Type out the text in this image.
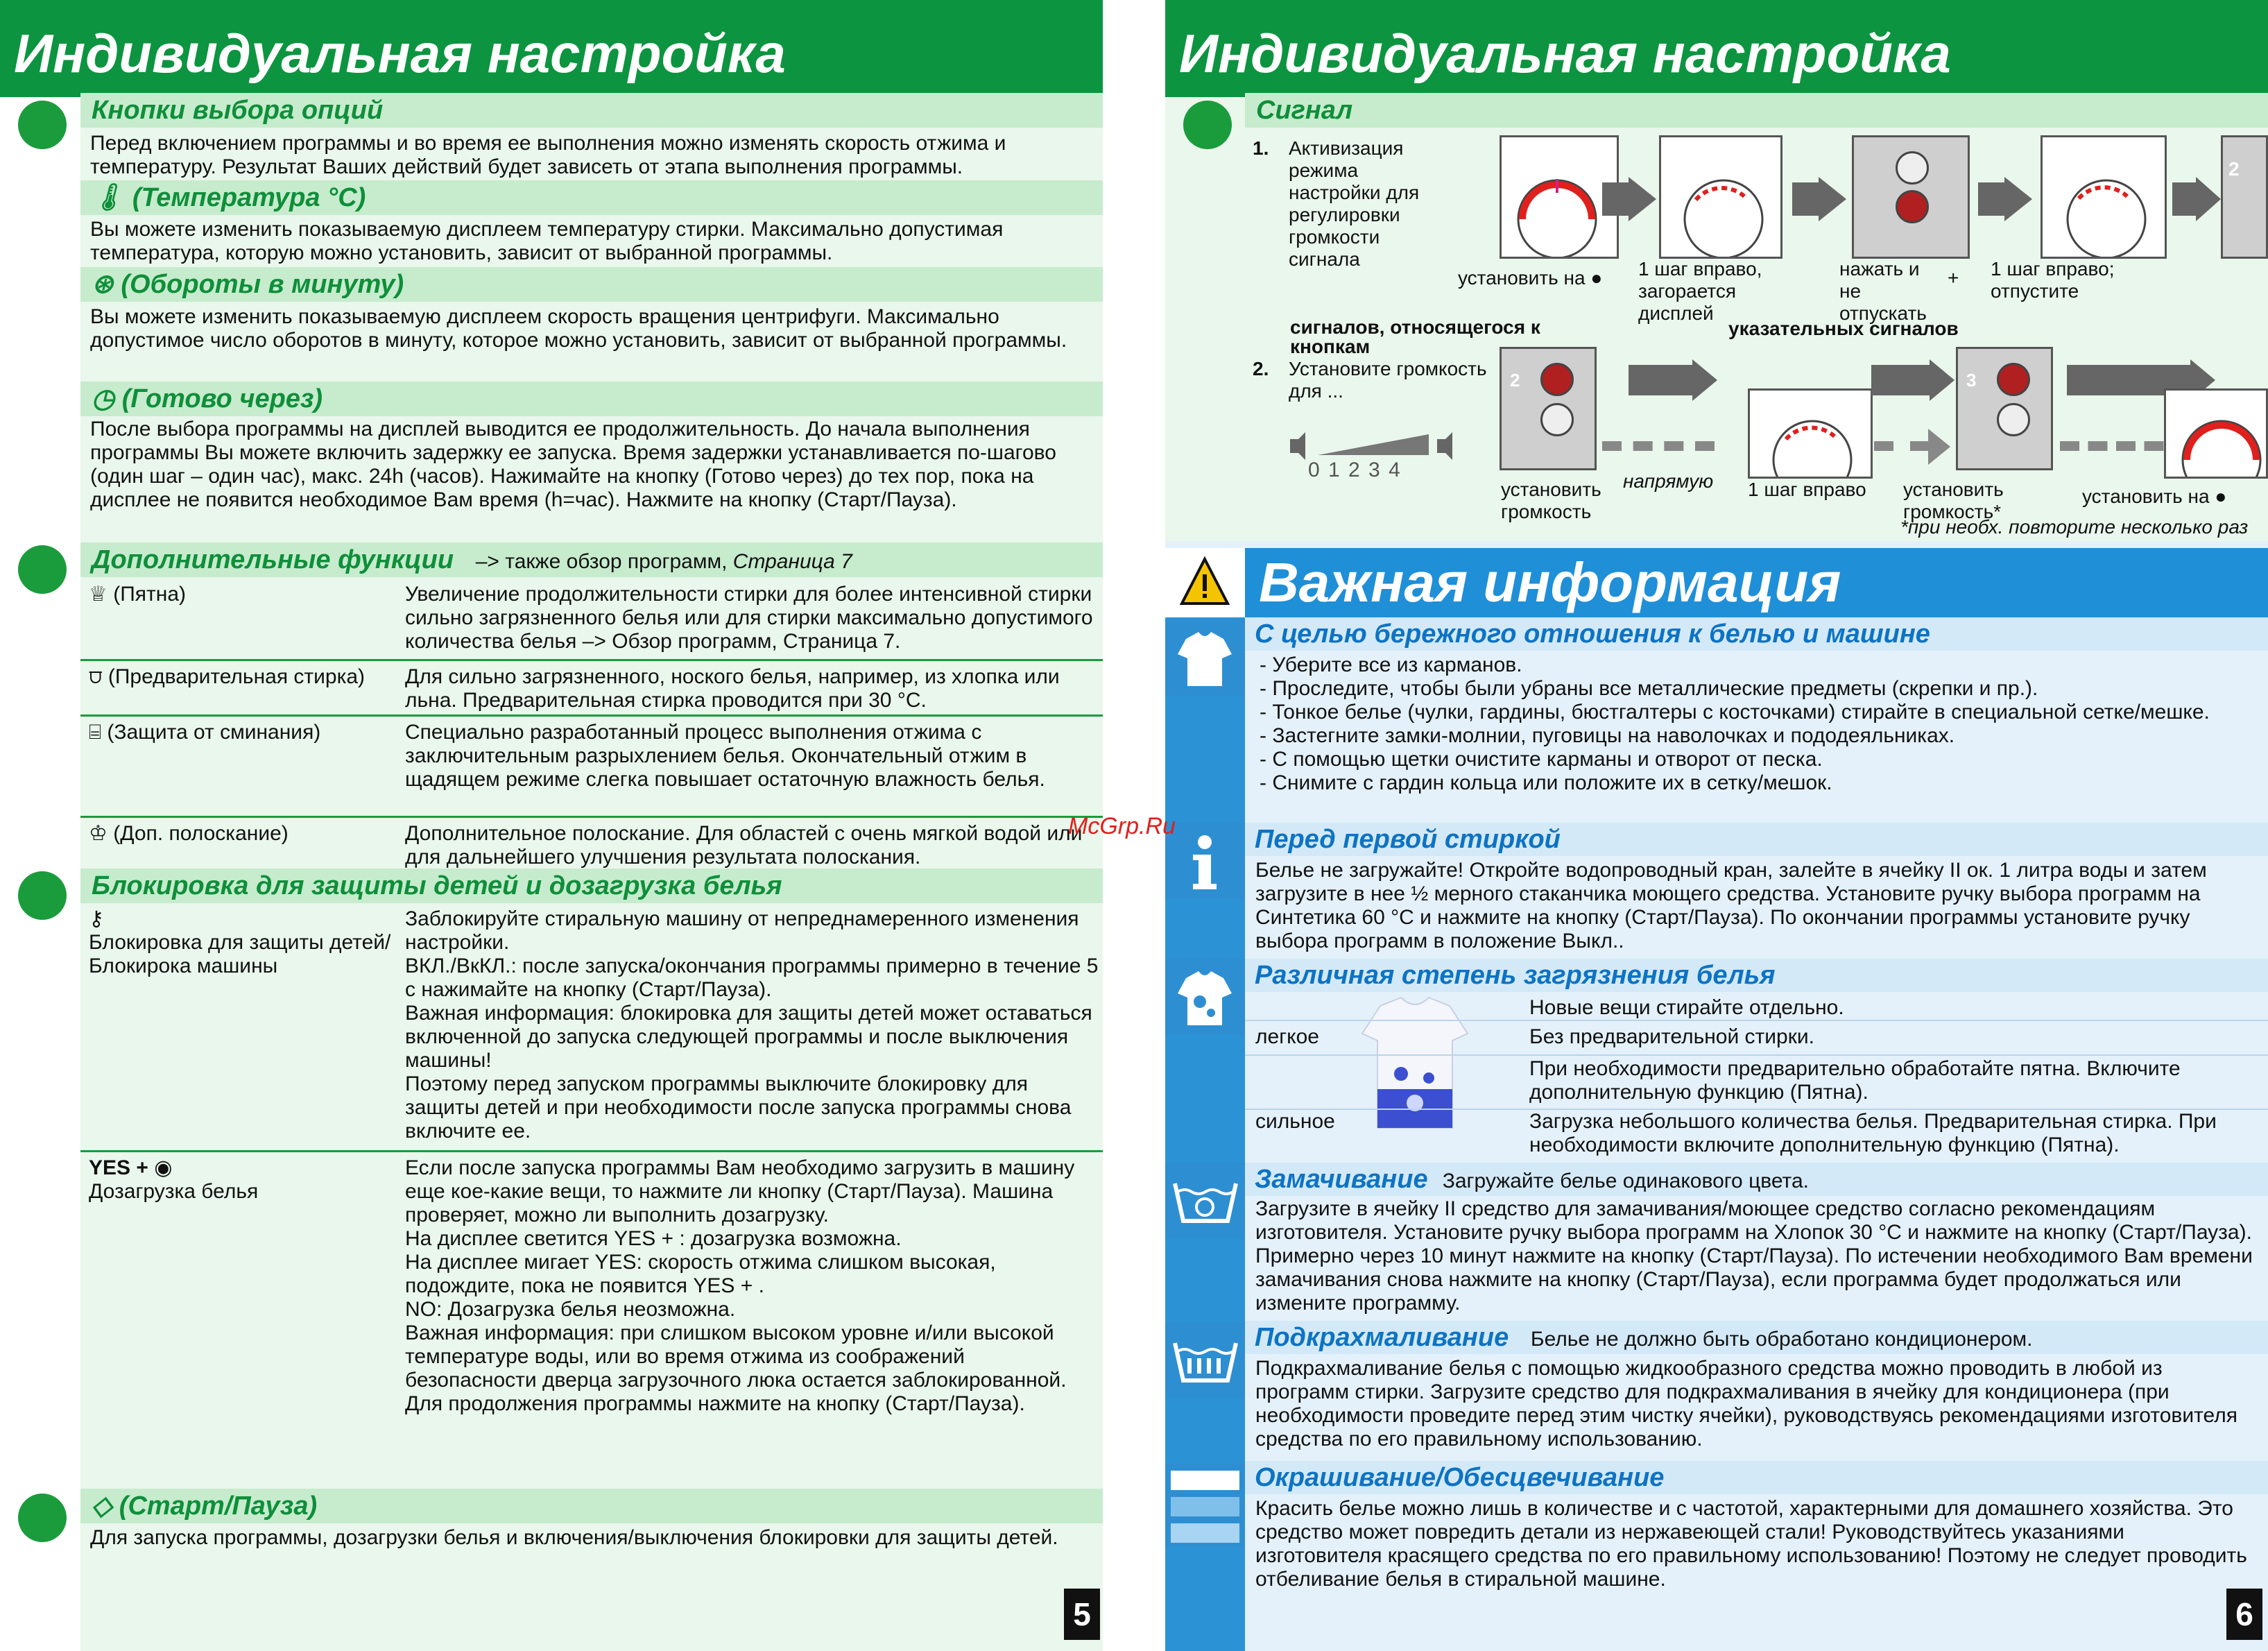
Индивидуальная настройка
Кнопки выбора опций
Перед включением программы и во время ее выполнения можно изменять скорость отжима и температуру. Результат Ваших действий будет зависеть от этапа выполнения программы.
🌡 (Температура °С)
Вы можете изменить показываемую дисплеем температуру стирки. Максимально допустимая температура, которую можно установить, зависит от выбранной программы.
⊛ (Обороты в минуту)
Вы можете изменить показываемую дисплеем скорость вращения центрифуги. Максимально допустимое число оборотов в минуту, которое можно установить, зависит от выбранной программы.
◷ (Готово через)
После выбора программы на дисплей выводится ее продолжительность. До начала выполнения программы Вы можете включить задержку ее запуска. Время задержки устанавливается по-шагово (один шаг – один час), макс. 24h (часов). Нажимайте на кнопку (Готово через) до тех пор, пока на дисплее не появится необходимое Вам время (h=час). Нажмите на кнопку (Старт/Пауза).
Дополнительные функции –> также обзор программ, Страница 7
♕ (Пятна)	Увеличение продолжительности стирки для более интенсивной стирки сильно загрязненного белья или для стирки максимально допустимого количества белья –> Обзор программ, Страница 7.
⩌ (Предварительная стирка)	Для сильно загрязненного, ноского белья, например, из хлопка или льна. Предварительная стирка проводится при 30 °С.
⌸ (Защита от сминания)	Специально разработанный процесс выполнения отжима с заключительным разрыхлением белья. Окончательный отжим в щадящем режиме слегка повышает остаточную влажность белья.
♔ (Доп. полоскание)	Дополнительное полоскание. Для областей с очень мягкой водой или для дальнейшего улучшения результата полоскания.
Блокировка для защиты детей и дозагрузка белья
⚷
Блокировка для защиты детей/Блокирока машины
Заблокируйте стиральную машину от непреднамеренного изменения настройки.
ВКЛ./ВкКЛ.: после запуска/окончания программы примерно в течение 5 с нажимайте на кнопку (Старт/Пауза).
Важная информация: блокировка для защиты детей может оставаться включенной до запуска следующей программы и после выключения машины!
Поэтому перед запуском программы выключите блокировку для защиты детей и при необходимости после запуска программы снова включите ее.
YES + ◉
Дозагрузка белья
Если после запуска программы Вам необходимо загрузить в машину еще кое-какие вещи, то нажмите ли кнопку (Старт/Пауза). Машина проверяет, можно ли выполнить дозагрузку.
На дисплее светится YES + : дозагрузка возможна.
На дисплее мигает YES: скорость отжима слишком высокая, подождите, пока не появится YES + .
NO: Дозагрузка белья неозможна.
Важная информация: при слишком высоком уровне и/или высокой температуре воды, или во время отжима из соображений безопасности дверца загрузочного люка остается заблокированной.
Для продолжения программы нажмите на кнопку (Старт/Пауза).
◇ (Старт/Пауза)
Для запуска программы, дозагрузки белья и включения/выключения блокировки для защиты детей.
5
Индивидуальная настройка
Сигнал
1. Активизация режима настройки для регулировки громкости сигнала
2
установить на ●	1 шаг вправо, загорается дисплей
нажать и не отпускать
+ 1 шаг вправо; отпустите
сигналов, относящегося к кнопкам
указательных сигналов
2. Установите громкость для ...
0 1 2 3 4
2	3
установить громкость
напрямую 1 шаг вправо установить громкость*
установить на ●
*при необх. повторите несколько раз
Важная информация
С целью бережного отношения к белью и машине
- Уберите все из карманов.
- Проследите, чтобы были убраны все металлические предметы (скрепки и пр.).
- Тонкое белье (чулки, гардины, бюстгалтеры с косточками) стирайте в специальной сетке/мешке.
- Застегните замки-молнии, пуговицы на наволочках и пододеяльниках.
- С помощью щетки очистите карманы и отворот от песка.
- Снимите с гардин кольца или положите их в сетку/мешок.
Перед первой стиркой
Белье не загружайте! Откройте водопроводный кран, залейте в ячейку II ок. 1 литра воды и затем загрузите в нее ½ мерного стаканчика моющего средства. Установите ручку выбора программ на Синтетика 60 °С и нажмите на кнопку (Старт/Пауза). По окончании программы установите ручку выбора программ в положение Выкл..
Различная степень загрязнения белья
Новые вещи стирайте отдельно.
легкое	Без предварительной стирки.
При необходимости предварительно обработайте пятна. Включите дополнительную функцию (Пятна).
сильное	Загрузка небольшого количества белья. Предварительная стирка. При необходимости включите дополнительную функцию (Пятна).
Замачивание Загружайте белье одинакового цвета.
Загрузите в ячейку II средство для замачивания/моющее средство согласно рекомендациям изготовителя. Установите ручку выбора программ на Хлопок 30 °С и нажмите на кнопку (Старт/Пауза). Примерно через 10 минут нажмите на кнопку (Старт/Пауза). По истечении необходимого Вам времени замачивания снова нажмите на кнопку (Старт/Пауза), если программа будет продолжаться или измените программу.
Подкрахмаливание Белье не должно быть обработано кондиционером.
Подкрахмаливание белья с помощью жидкообразного средства можно проводить в любой из программ стирки. Загрузите средство для подкрахмаливания в ячейку для кондиционера (при необходимости проведите перед этим чистку ячейки), руководствуясь рекомендациями изготовителя средства по его правильному использованию.
Окрашивание/Обесцвечивание
Красить белье можно лишь в количестве и с частотой, характерными для домашнего хозяйства. Это средство может повредить детали из нержавеющей стали! Руководствуйтесь указаниями изготовителя красящего средства по его правильному использованию! Поэтому не следует проводить отбеливание белья в стиральной машине.
6
McGrp.Ru
